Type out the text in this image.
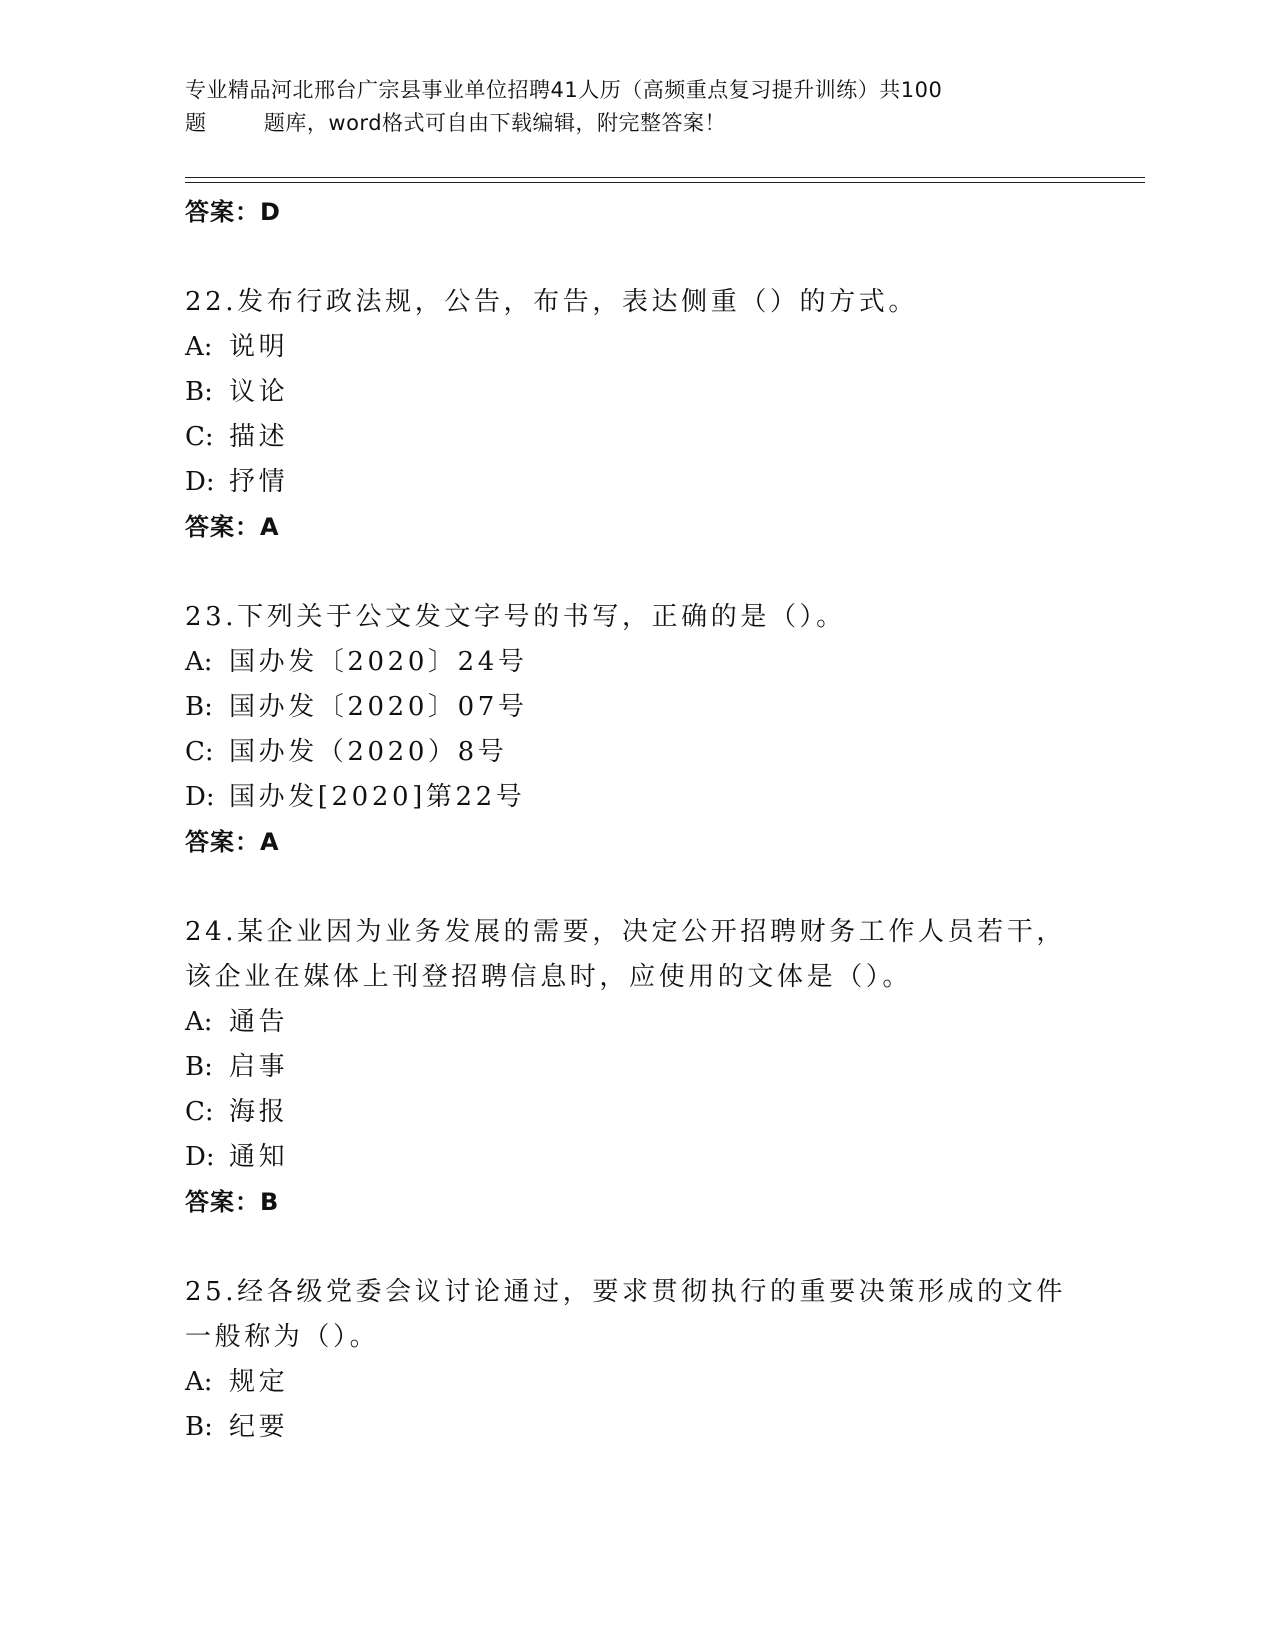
专业精品河北邢台广宗县事业单位招聘41人历（高频重点复习提升训练）共100
题        题库，word格式可自由下载编辑，附完整答案！
答案：D
22.发布行政法规，公告，布告，表达侧重（）的方式。
A: 说明
B: 议论
C: 描述
D: 抒情
答案：A
23.下列关于公文发文字号的书写，正确的是（）。
A: 国办发〔2020〕24号
B: 国办发〔2020〕07号
C: 国办发（2020）8号
D: 国办发[2020]第22号
答案：A
24.某企业因为业务发展的需要，决定公开招聘财务工作人员若干，该企业在媒体上刊登招聘信息时，应使用的文体是（）。
A: 通告
B: 启事
C: 海报
D: 通知
答案：B
25.经各级党委会议讨论通过，要求贯彻执行的重要决策形成的文件一般称为（）。
A: 规定
B: 纪要
